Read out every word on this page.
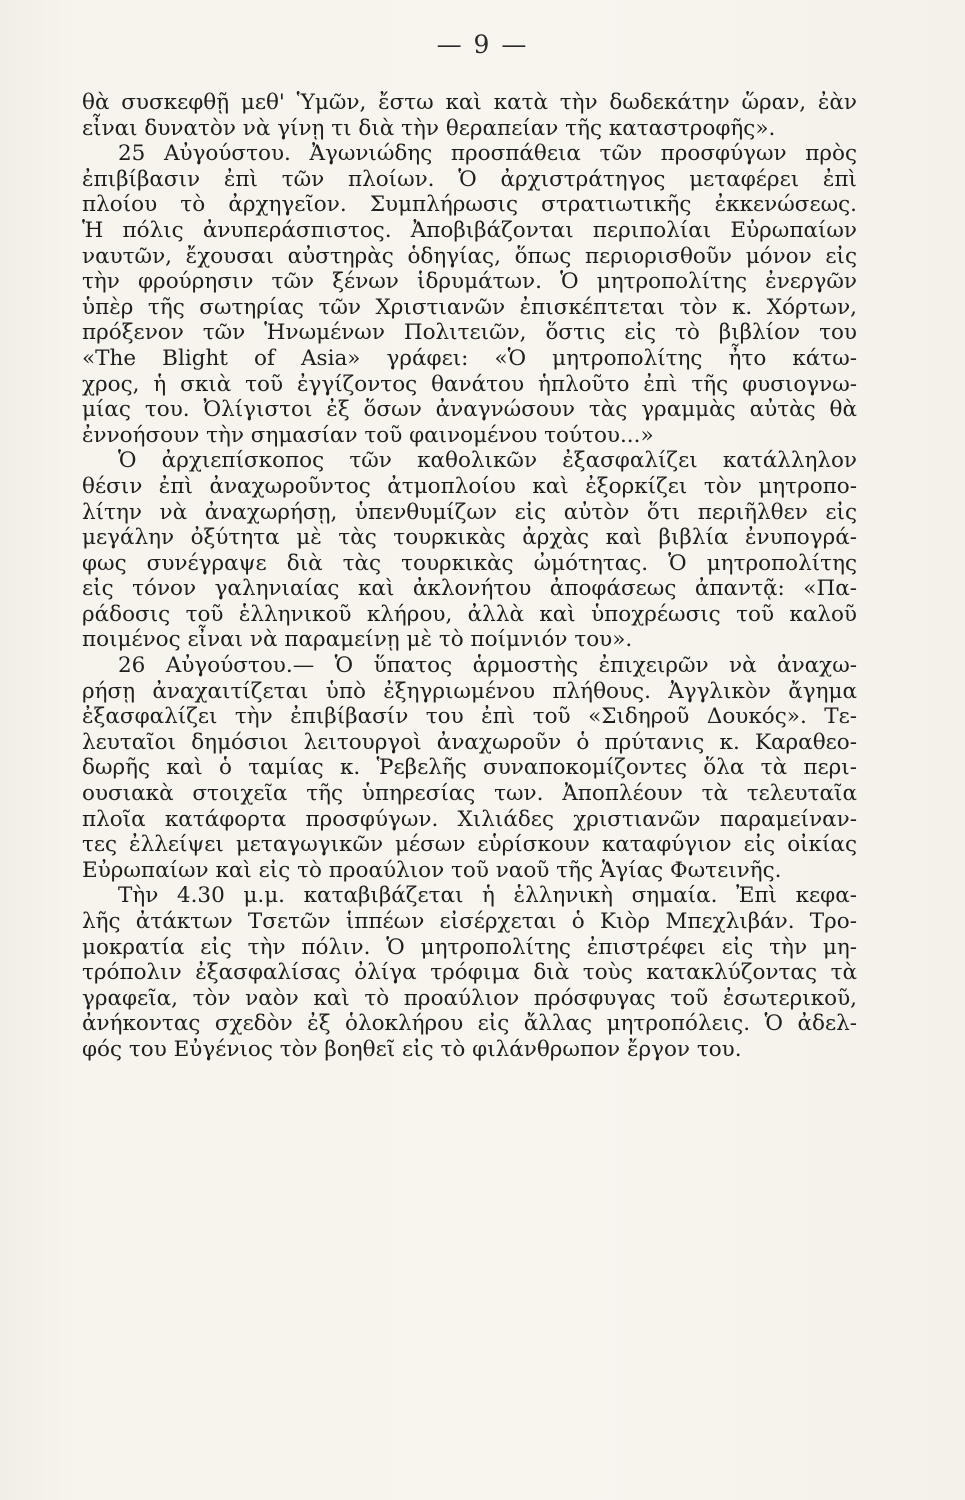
— 9 —
θὰ συσκεφθῇ μεθ' Ὑμῶν, ἔστω καὶ κατὰ τὴν δωδεκάτην ὥραν, ἐὰν
εἶναι δυνατὸν νὰ γίνῃ τι διὰ τὴν θεραπείαν τῆς καταστροφῆς».
25 Αὐγούστου. Ἀγωνιώδης προσπάθεια τῶν προσφύγων πρὸς
ἐπιβίβασιν ἐπὶ τῶν πλοίων. Ὁ ἀρχιστράτηγος μεταφέρει ἐπὶ
πλοίου τὸ ἀρχηγεῖον. Συμπλήρωσις στρατιωτικῆς ἐκκενώσεως.
Ἡ πόλις ἀνυπεράσπιστος. Ἀποβιβάζονται περιπολίαι Εὐρωπαίων
ναυτῶν, ἔχουσαι αὐστηρὰς ὁδηγίας, ὅπως περιορισθοῦν μόνον εἰς
τὴν φρούρησιν τῶν ξένων ἱδρυμάτων. Ὁ μητροπολίτης ἐνεργῶν
ὑπὲρ τῆς σωτηρίας τῶν Χριστιανῶν ἐπισκέπτεται τὸν κ. Χόρτων,
πρόξενον τῶν Ἡνωμένων Πολιτειῶν, ὅστις εἰς τὸ βιβλίον του
«The Blight of Asia» γράφει: «Ὁ μητροπολίτης ἦτο κάτω-
χρος, ἡ σκιὰ τοῦ ἐγγίζοντος θανάτου ἡπλοῦτο ἐπὶ τῆς φυσιογνω-
μίας του. Ὀλίγιστοι ἐξ ὅσων ἀναγνώσουν τὰς γραμμὰς αὐτὰς θὰ
ἐννοήσουν τὴν σημασίαν τοῦ φαινομένου τούτου...»
Ὁ ἀρχιεπίσκοπος τῶν καθολικῶν ἐξασφαλίζει κατάλληλον
θέσιν ἐπὶ ἀναχωροῦντος ἀτμοπλοίου καὶ ἐξορκίζει τὸν μητροπο-
λίτην νὰ ἀναχωρήσῃ, ὑπενθυμίζων εἰς αὐτὸν ὅτι περιῆλθεν εἰς
μεγάλην ὀξύτητα μὲ τὰς τουρκικὰς ἀρχὰς καὶ βιβλία ἐνυπογρά-
φως συνέγραψε διὰ τὰς τουρκικὰς ὠμότητας. Ὁ μητροπολίτης
εἰς τόνον γαληνιαίας καὶ ἀκλονήτου ἀποφάσεως ἀπαντᾷ: «Πα-
ράδοσις τοῦ ἑλληνικοῦ κλήρου, ἀλλὰ καὶ ὑποχρέωσις τοῦ καλοῦ
ποιμένος εἶναι νὰ παραμείνῃ μὲ τὸ ποίμνιόν του».
26 Αὐγούστου.— Ὁ ὕπατος ἁρμοστὴς ἐπιχειρῶν νὰ ἀναχω-
ρήσῃ ἀναχαιτίζεται ὑπὸ ἐξηγριωμένου πλήθους. Ἀγγλικὸν ἄγημα
ἐξασφαλίζει τὴν ἐπιβίβασίν του ἐπὶ τοῦ «Σιδηροῦ Δουκός». Τε-
λευταῖοι δημόσιοι λειτουργοὶ ἀναχωροῦν ὁ πρύτανις κ. Καραθεο-
δωρῆς καὶ ὁ ταμίας κ. Ῥεβελῆς συναποκομίζοντες ὅλα τὰ περι-
ουσιακὰ στοιχεῖα τῆς ὑπηρεσίας των. Ἀποπλέουν τὰ τελευταῖα
πλοῖα κατάφορτα προσφύγων. Χιλιάδες χριστιανῶν παραμείναν-
τες ἐλλείψει μεταγωγικῶν μέσων εὑρίσκουν καταφύγιον εἰς οἰκίας
Εὐρωπαίων καὶ εἰς τὸ προαύλιον τοῦ ναοῦ τῆς Ἁγίας Φωτεινῆς.
Τὴν 4.30 μ.μ. καταβιβάζεται ἡ ἑλληνικὴ σημαία. Ἐπὶ κεφα-
λῆς ἀτάκτων Τσετῶν ἱππέων εἰσέρχεται ὁ Κιὸρ Μπεχλιβάν. Τρο-
μοκρατία εἰς τὴν πόλιν. Ὁ μητροπολίτης ἐπιστρέφει εἰς τὴν μη-
τρόπολιν ἐξασφαλίσας ὀλίγα τρόφιμα διὰ τοὺς κατακλύζοντας τὰ
γραφεῖα, τὸν ναὸν καὶ τὸ προαύλιον πρόσφυγας τοῦ ἐσωτερικοῦ,
ἀνήκοντας σχεδὸν ἐξ ὁλοκλήρου εἰς ἄλλας μητροπόλεις. Ὁ ἀδελ-
φός του Εὐγένιος τὸν βοηθεῖ εἰς τὸ φιλάνθρωπον ἔργον του.
